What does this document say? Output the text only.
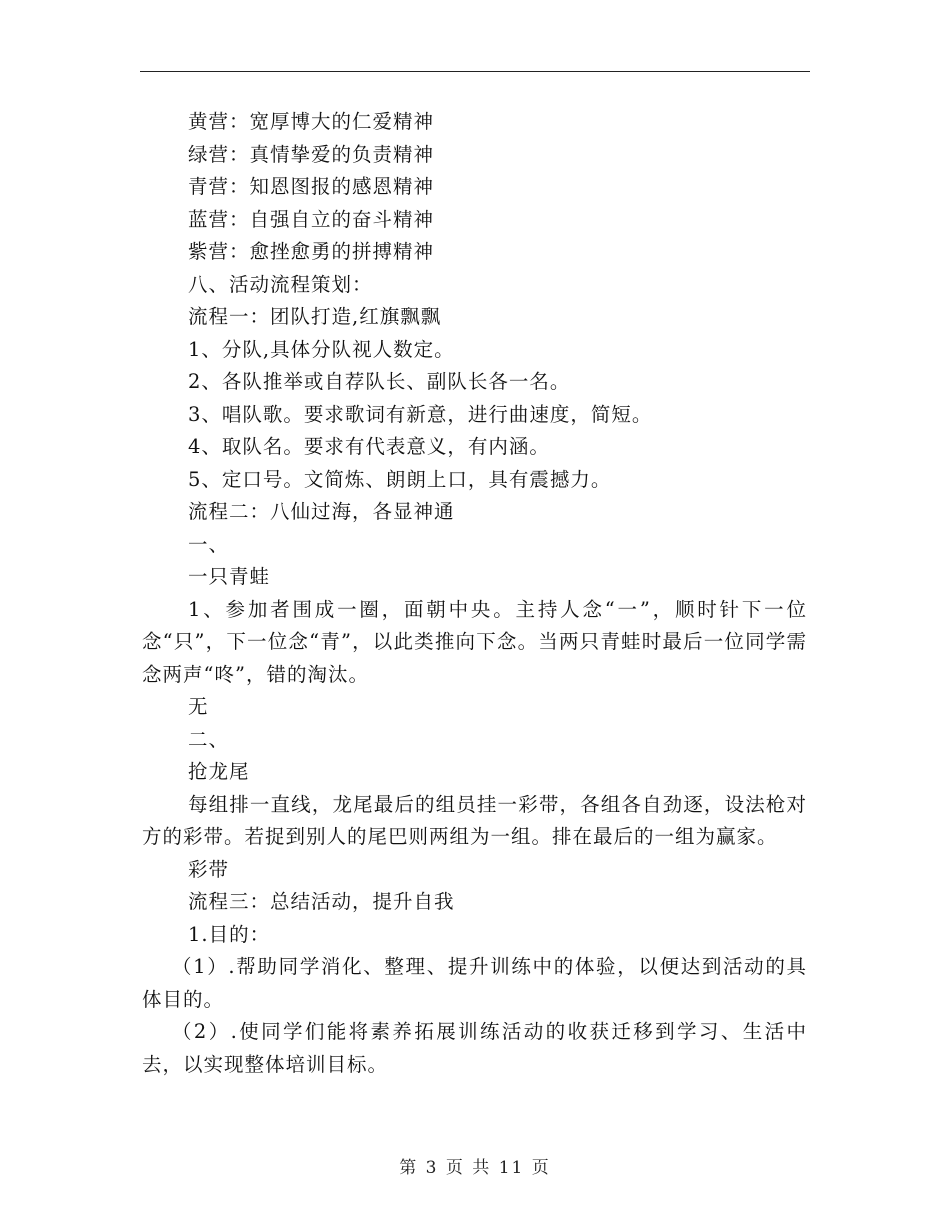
黄营：宽厚博大的仁爱精神
绿营：真情挚爱的负责精神
青营：知恩图报的感恩精神
蓝营：自强自立的奋斗精神
紫营：愈挫愈勇的拼搏精神
八、活动流程策划：
流程一：团队打造,红旗飘飘
1、分队,具体分队视人数定。
2、各队推举或自荐队长、副队长各一名。
3、唱队歌。要求歌词有新意，进行曲速度，简短。
4、取队名。要求有代表意义，有内涵。
5、定口号。文简炼、朗朗上口，具有震撼力。
流程二：八仙过海，各显神通
一、
一只青蛙
1、参加者围成一圈，面朝中央。主持人念“一”，顺时针下一位念“只”，下一位念“青”，以此类推向下念。当两只青蛙时最后一位同学需念两声“咚”，错的淘汰。
无
二、
抢龙尾
每组排一直线，龙尾最后的组员挂一彩带，各组各自劲逐，设法枪对方的彩带。若捉到别人的尾巴则两组为一组。排在最后的一组为赢家。
彩带
流程三：总结活动，提升自我
1.目的：
（1）.帮助同学消化、整理、提升训练中的体验，以便达到活动的具体目的。
（2）.使同学们能将素养拓展训练活动的收获迁移到学习、生活中去，以实现整体培训目标。
第 3 页 共 11 页
